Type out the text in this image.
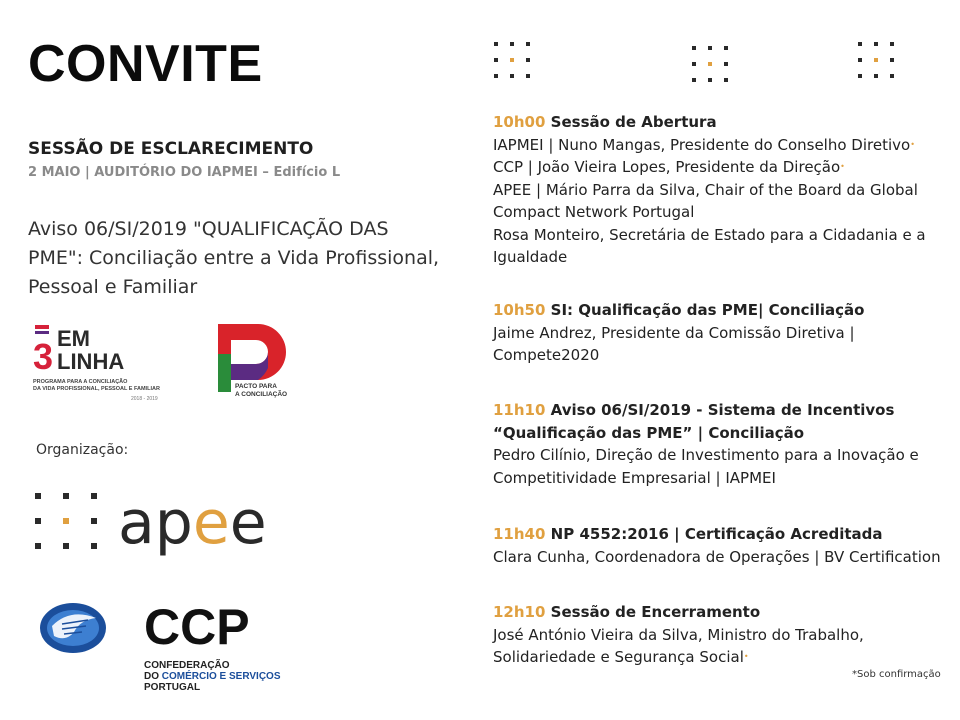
CONVITE
SESSÃO DE ESCLARECIMENTO
2 MAIO | AUDITÓRIO DO IAPMEI – Edifício L
Aviso 06/SI/2019 "QUALIFICAÇÃO DAS PME": Conciliação entre a Vida Profissional, Pessoal e Familiar
3 EM
LINHA
PROGRAMA PARA A CONCILIAÇÃO
DA VIDA PROFISSIONAL, PESSOAL E FAMILIAR
2018 - 2019
PACTO PARA
A CONCILIAÇÃO
Organização:
apee
CCP
CONFEDERAÇÃO
DO COMÉRCIO E SERVIÇOS
PORTUGAL
10h00 Sessão de Abertura
IAPMEI | Nuno Mangas, Presidente do Conselho Diretivo•
CCP | João Vieira Lopes, Presidente da Direção•
APEE | Mário Parra da Silva, Chair of the Board da Global Compact Network Portugal
Rosa Monteiro, Secretária de Estado para a Cidadania e a Igualdade
10h50 SI: Qualificação das PME| Conciliação
Jaime Andrez, Presidente da Comissão Diretiva | Compete2020
11h10 Aviso 06/SI/2019 - Sistema de Incentivos “Qualificação das PME” | Conciliação
Pedro Cilínio, Direção de Investimento para a Inovação e Competitividade Empresarial | IAPMEI
11h40 NP 4552:2016 | Certificação Acreditada
Clara Cunha, Coordenadora de Operações | BV Certification
12h10 Sessão de Encerramento
José António Vieira da Silva, Ministro do Trabalho, Solidariedade e Segurança Social•
*Sob confirmação
